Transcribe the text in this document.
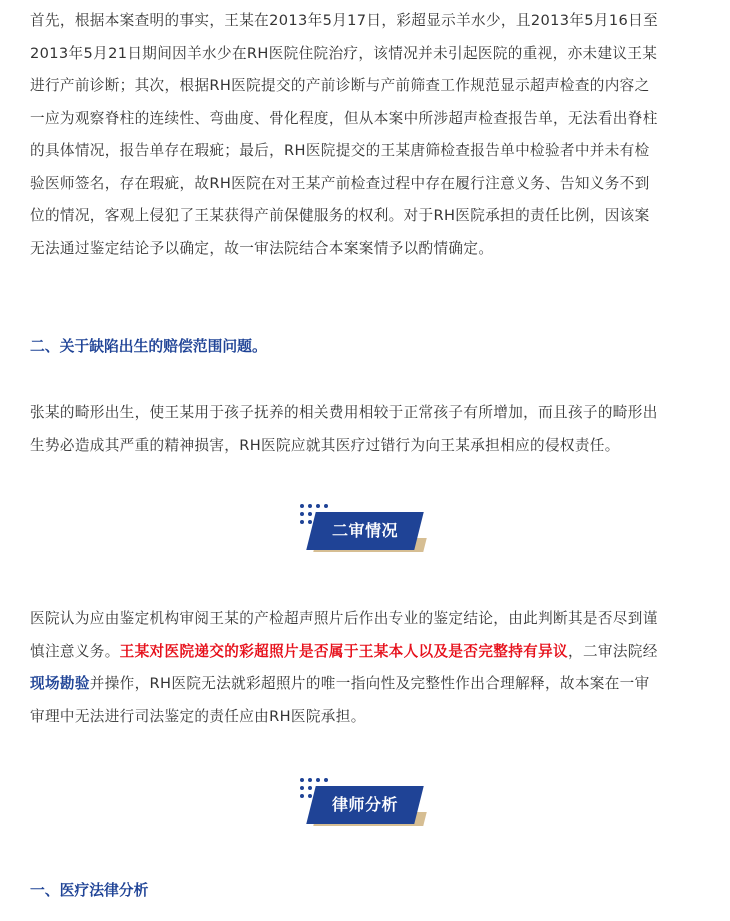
首先，根据本案查明的事实，王某在2013年5月17日，彩超显示羊水少，且2013年5月16日至

2013年5月21日期间因羊水少在RH医院住院治疗，该情况并未引起医院的重视，亦未建议王某

进行产前诊断；其次，根据RH医院提交的产前诊断与产前筛查工作规范显示超声检查的内容之

一应为观察脊柱的连续性、弯曲度、骨化程度，但从本案中所涉超声检查报告单，无法看出脊柱

的具体情况，报告单存在瑕疵；最后，RH医院提交的王某唐筛检查报告单中检验者中并未有检

验医师签名，存在瑕疵，故RH医院在对王某产前检查过程中存在履行注意义务、告知义务不到

位的情况，客观上侵犯了王某获得产前保健服务的权利。对于RH医院承担的责任比例，因该案

无法通过鉴定结论予以确定，故一审法院结合本案案情予以酌情确定。

二、关于缺陷出生的赔偿范围问题。

张某的畸形出生，使王某用于孩子抚养的相关费用相较于正常孩子有所增加，而且孩子的畸形出

生势必造成其严重的精神损害，RH医院应就其医疗过错行为向王某承担相应的侵权责任。

二审情况

医院认为应由鉴定机构审阅王某的产检超声照片后作出专业的鉴定结论，由此判断其是否尽到谨

慎注意义务。王某对医院递交的彩超照片是否属于王某本人以及是否完整持有异议，二审法院经

现场勘验并操作，RH医院无法就彩超照片的唯一指向性及完整性作出合理解释，故本案在一审

审理中无法进行司法鉴定的责任应由RH医院承担。

律师分析
一、医疗法律分析
